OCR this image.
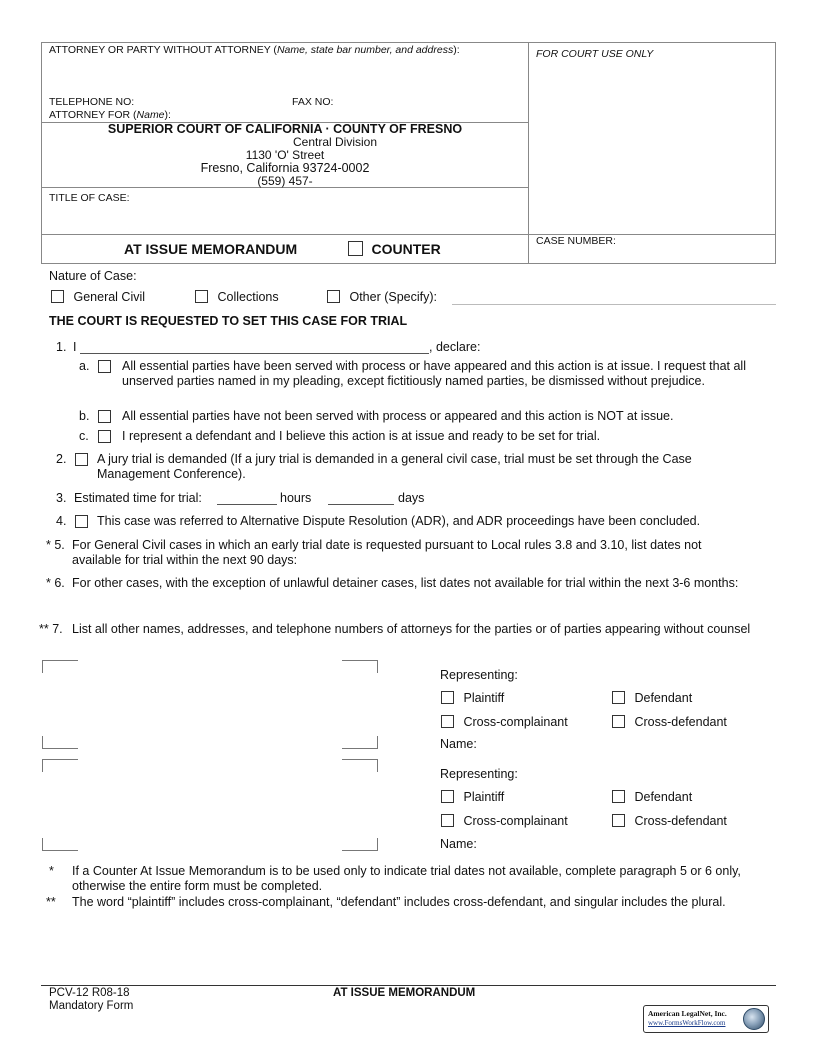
ATTORNEY OR PARTY WITHOUT ATTORNEY (Name, state bar number, and address):	FOR COURT USE ONLY
TELEPHONE NO:	FAX NO:
ATTORNEY FOR (Name):
SUPERIOR COURT OF CALIFORNIA · COUNTY OF FRESNO
Central Division
1130 'O' Street
Fresno, California 93724-0002
(559) 457-
TITLE OF CASE:
AT ISSUE MEMORANDUM	COUNTER	CASE NUMBER:
Nature of Case:
General Civil	Collections	Other (Specify):
THE COURT IS REQUESTED TO SET THIS CASE FOR TRIAL
1. I	, declare:
a.	All essential parties have been served with process or have appeared and this action is at issue. I request that all unserved parties named in my pleading, except fictitiously named parties, be dismissed without prejudice.
b.	All essential parties have not been served with process or appeared and this action is NOT at issue.
c.	I represent a defendant and I believe this action is at issue and ready to be set for trial.
2. A jury trial is demanded (If a jury trial is demanded in a general civil case, trial must be set through the Case Management Conference).
3. Estimated time for trial:	hours	days
4. This case was referred to Alternative Dispute Resolution (ADR), and ADR proceedings have been concluded.
* 5. For General Civil cases in which an early trial date is requested pursuant to Local rules 3.8 and 3.10, list dates not available for trial within the next 90 days:
* 6. For other cases, with the exception of unlawful detainer cases, list dates not available for trial within the next 3-6 months:
** 7. List all other names, addresses, and telephone numbers of attorneys for the parties or of parties appearing without counsel
Representing:
Plaintiff	Defendant
Cross-complainant	Cross-defendant
Name:
Representing:
Plaintiff	Defendant
Cross-complainant	Cross-defendant
Name:
* If a Counter At Issue Memorandum is to be used only to indicate trial dates not available, complete paragraph 5 or 6 only, otherwise the entire form must be completed.
** The word “plaintiff” includes cross-complainant, “defendant” includes cross-defendant, and singular includes the plural.
PCV-12 R08-18
Mandatory Form
AT ISSUE MEMORANDUM
American LegalNet, Inc.
www.FormsWorkFlow.com
